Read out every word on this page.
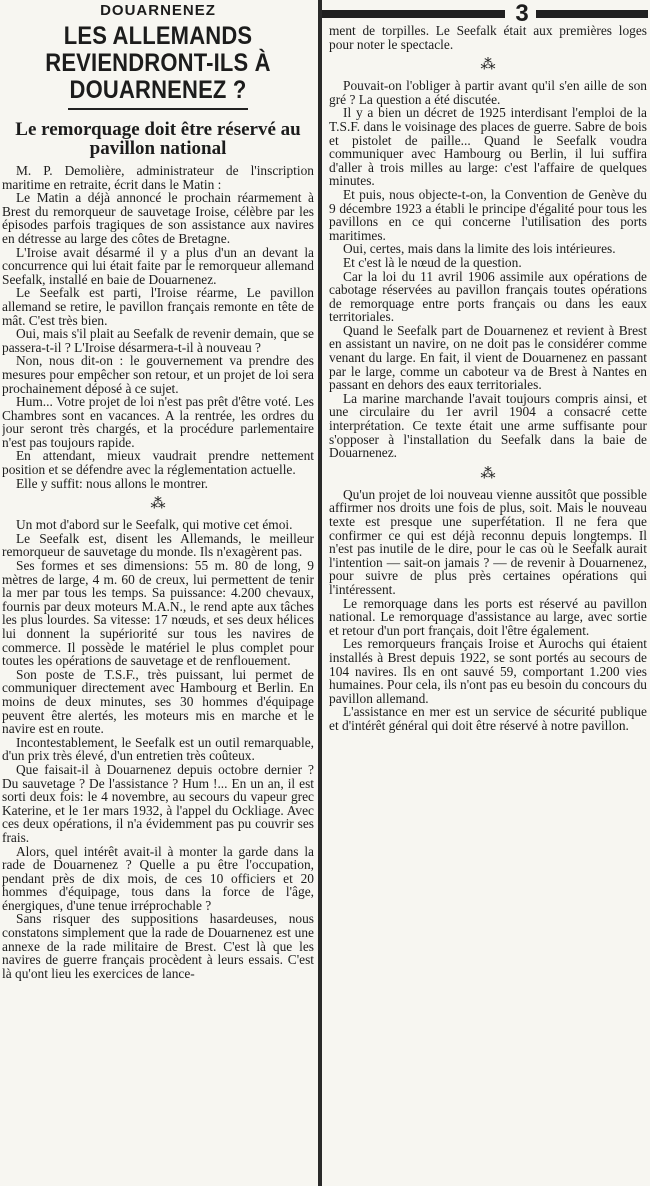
3
DOUARNENEZ
LES ALLEMANDS REVIENDRONT-ILS À DOUARNENEZ ?
Le remorquage doit être réservé au pavillon national

M. P. Demolière, administrateur de l'inscription maritime en retraite, écrit dans le Matin :

Le Matin a déjà annoncé le prochain réarmement à Brest du remorqueur de sauvetage Iroise, célèbre par les épisodes parfois tragiques de son assistance aux navires en détresse au large des côtes de Bretagne.

L'Iroise avait désarmé il y a plus d'un an devant la concurrence qui lui était faite par le remorqueur allemand Seefalk, installé en baie de Douarnenez.

Le Seefalk est parti, l'Iroise réarme, Le pavillon allemand se retire, le pavillon français remonte en tête de mât. C'est très bien.

Oui, mais s'il plait au Seefalk de revenir demain, que se passera-t-il ? L'Iroise désarmera-t-il à nouveau ?

Non, nous dit-on : le gouvernement va prendre des mesures pour empêcher son retour, et un projet de loi sera prochainement déposé à ce sujet.

Hum... Votre projet de loi n'est pas prêt d'être voté. Les Chambres sont en vacances. A la rentrée, les ordres du jour seront très chargés, et la procédure parlementaire n'est pas toujours rapide.

En attendant, mieux vaudrait prendre nettement position et se défendre avec la réglementation actuelle.

Elle y suffit: nous allons le montrer.

⁂

Un mot d'abord sur le Seefalk, qui motive cet émoi.

Le Seefalk est, disent les Allemands, le meilleur remorqueur de sauvetage du monde. Ils n'exagèrent pas.

Ses formes et ses dimensions: 55 m. 80 de long, 9 mètres de large, 4 m. 60 de creux, lui permettent de tenir la mer par tous les temps. Sa puissance: 4.200 chevaux, fournis par deux moteurs M.A.N., le rend apte aux tâches les plus lourdes. Sa vitesse: 17 nœuds, et ses deux hélices lui donnent la supériorité sur tous les navires de commerce. Il possède le matériel le plus complet pour toutes les opérations de sauvetage et de renflouement.

Son poste de T.S.F., très puissant, lui permet de communiquer directement avec Hambourg et Berlin. En moins de deux minutes, ses 30 hommes d'équipage peuvent être alertés, les moteurs mis en marche et le navire est en route.

Incontestablement, le Seefalk est un outil remarquable, d'un prix très élevé, d'un entretien très coûteux.

Que faisait-il à Douarnenez depuis octobre dernier ? Du sauvetage ? De l'assistance ? Hum !... En un an, il est sorti deux fois: le 4 novembre, au secours du vapeur grec Katerine, et le 1er mars 1932, à l'appel du Ockliage. Avec ces deux opérations, il n'a évidemment pas pu couvrir ses frais.

Alors, quel intérêt avait-il à monter la garde dans la rade de Douarnenez ? Quelle a pu être l'occupation, pendant près de dix mois, de ces 10 officiers et 20 hommes d'équipage, tous dans la force de l'âge, énergiques, d'une tenue irréprochable ?

Sans risquer des suppositions hasardeuses, nous constatons simplement que la rade de Douarnenez est une annexe de la rade militaire de Brest. C'est là que les navires de guerre français procèdent à leurs essais. C'est là qu'ont lieu les exercices de lance-

ment de torpilles. Le Seefalk était aux premières loges pour noter le spectacle.

⁂

Pouvait-on l'obliger à partir avant qu'il s'en aille de son gré ? La question a été discutée.

Il y a bien un décret de 1925 interdisant l'emploi de la T.S.F. dans le voisinage des places de guerre. Sabre de bois et pistolet de paille... Quand le Seefalk voudra communiquer avec Hambourg ou Berlin, il lui suffira d'aller à trois milles au large: c'est l'affaire de quelques minutes.

Et puis, nous objecte-t-on, la Convention de Genève du 9 décembre 1923 a établi le principe d'égalité pour tous les pavillons en ce qui concerne l'utilisation des ports maritimes.

Oui, certes, mais dans la limite des lois intérieures.

Et c'est là le nœud de la question.

Car la loi du 11 avril 1906 assimile aux opérations de cabotage réservées au pavillon français toutes opérations de remorquage entre ports français ou dans les eaux territoriales.

Quand le Seefalk part de Douarnenez et revient à Brest en assistant un navire, on ne doit pas le considérer comme venant du large. En fait, il vient de Douarnenez en passant par le large, comme un caboteur va de Brest à Nantes en passant en dehors des eaux territoriales.

La marine marchande l'avait toujours compris ainsi, et une circulaire du 1er avril 1904 a consacré cette interprétation. Ce texte était une arme suffisante pour s'opposer à l'installation du Seefalk dans la baie de Douarnenez.

⁂

Qu'un projet de loi nouveau vienne aussitôt que possible affirmer nos droits une fois de plus, soit. Mais le nouveau texte est presque une superfétation. Il ne fera que confirmer ce qui est déjà reconnu depuis longtemps. Il n'est pas inutile de le dire, pour le cas où le Seefalk aurait l'intention — sait-on jamais ? — de revenir à Douarnenez, pour suivre de plus près certaines opérations qui l'intéressent.

Le remorquage dans les ports est réservé au pavillon national. Le remorquage d'assistance au large, avec sortie et retour d'un port français, doit l'être également.

Les remorqueurs français Iroise et Aurochs qui étaient installés à Brest depuis 1922, se sont portés au secours de 104 navires. Ils en ont sauvé 59, comportant 1.200 vies humaines. Pour cela, ils n'ont pas eu besoin du concours du pavillon allemand.

L'assistance en mer est un service de sécurité publique et d'intérêt général qui doit être réservé à notre pavillon.
